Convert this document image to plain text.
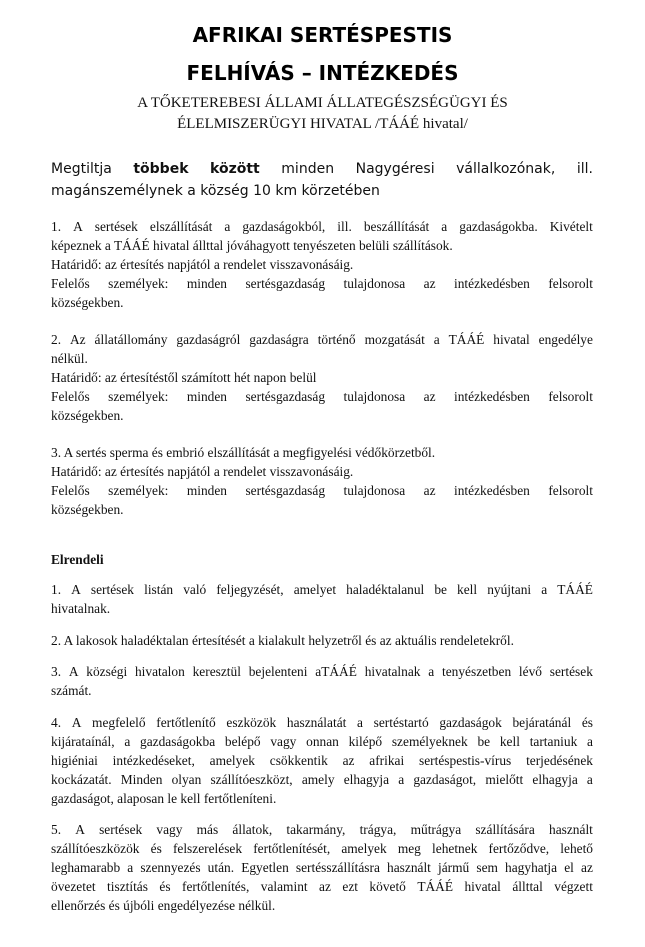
AFRIKAI SERTÉSPESTIS
FELHÍVÁS – INTÉZKEDÉS
A TŐKETEREBESI ÁLLAMI ÁLLATEGÉSZSÉGÜGYI ÉS
ÉLELMISZERÜGYI HIVATAL /TÁÁÉ hivatal/
Megtiltja többek között minden Nagygéresi vállalkozónak, ill.
magánszemélynek a község 10 km körzetében
1. A sertések elszállítását a gazdaságokból, ill. beszállítását a gazdaságokba. Kivételt
képeznek a TÁÁÉ hivatal állttal jóváhagyott tenyészeten belüli szállítások.
Határidő: az értesítés napjától a rendelet visszavonásáig.
Felelős személyek: minden sertésgazdaság tulajdonosa az intézkedésben felsorolt
községekben.
2. Az állatállomány gazdaságról gazdaságra történő mozgatását a TÁÁÉ hivatal engedélye
nélkül.
Határidő: az értesítéstől számított hét napon belül
Felelős személyek: minden sertésgazdaság tulajdonosa az intézkedésben felsorolt
községekben.
3. A sertés sperma és embrió elszállítását a megfigyelési védőkörzetből.
Határidő: az értesítés napjától a rendelet visszavonásáig.
Felelős személyek: minden sertésgazdaság tulajdonosa az intézkedésben felsorolt
községekben.
Elrendeli
1. A sertések listán való feljegyzését, amelyet haladéktalanul be kell nyújtani a TÁÁÉ
hivatalnak.
2. A lakosok haladéktalan értesítését a kialakult helyzetről és az aktuális rendeletekről.
3. A községi hivatalon keresztül bejelenteni aTÁÁÉ hivatalnak a tenyészetben lévő sertések
számát.
4. A megfelelő fertőtlenítő eszközök használatát a sertéstartó gazdaságok bejáratánál és
kijárataínál, a gazdaságokba belépő vagy onnan kilépő személyeknek be kell tartaniuk a
higiéniai intézkedéseket, amelyek csökkentik az afrikai sertéspestis-vírus terjedésének
kockázatát. Minden olyan szállítóeszközt, amely elhagyja a gazdaságot, mielőtt elhagyja a
gazdaságot, alaposan le kell fertőtleníteni.
5. A sertések vagy más állatok, takarmány, trágya, műtrágya szállítására használt
szállítóeszközök és felszerelések fertőtlenítését, amelyek meg lehetnek fertőződve, lehető
leghamarabb a szennyezés után. Egyetlen sertésszállításra használt jármű sem hagyhatja el az
övezetet tisztítás és fertőtlenítés, valamint az ezt követő TÁÁÉ hivatal állttal végzett
ellenőrzés és újbóli engedélyezése nélkül.
